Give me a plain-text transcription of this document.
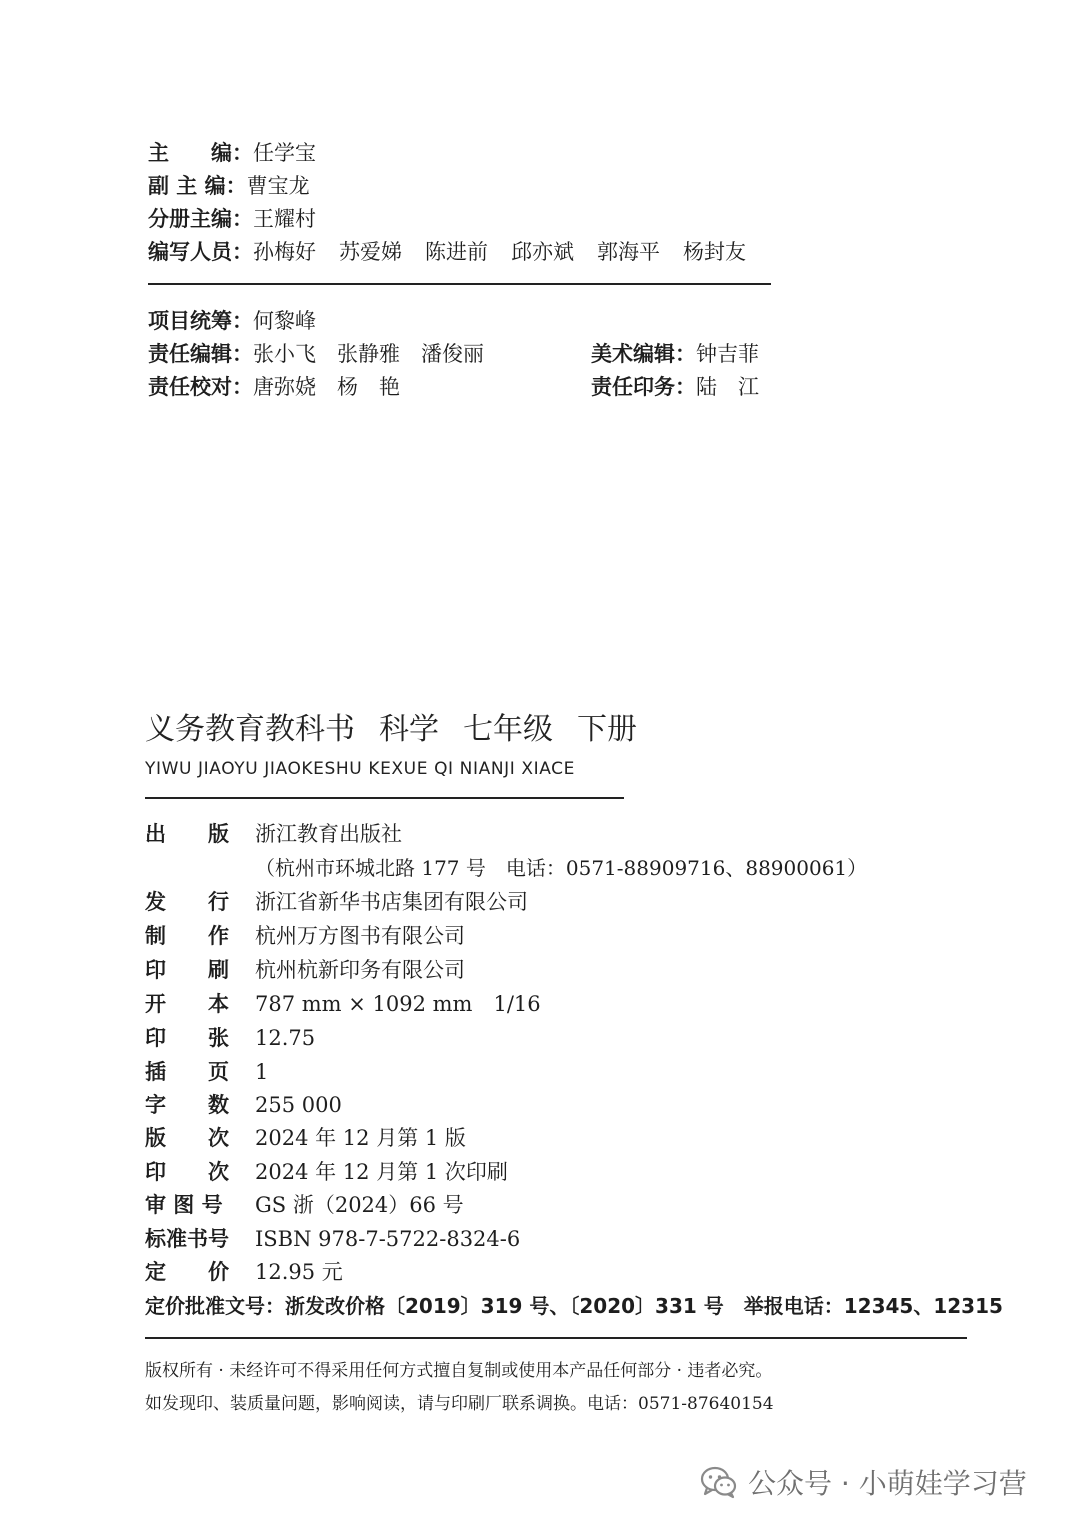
主　　编：任学宝
副 主 编：曹宝龙
分册主编：王耀村
编写人员：孙梅好 苏爱娣 陈进前 邱亦斌 郭海平 杨封友
项目统筹：何黎峰
责任编辑：张小飞　张静雅　潘俊丽	美术编辑：钟吉菲
责任校对：唐弥娆　杨　艳	责任印务：陆　江
义务教育教科书 科学 七年级 下册
YIWU JIAOYU JIAOKESHU KEXUE QI NIANJI XIACE
出　　版 浙江教育出版社
（杭州市环城北路 177 号　电话：0571-88909716、88900061）
发　　行 浙江省新华书店集团有限公司
制　　作 杭州万方图书有限公司
印　　刷 杭州杭新印务有限公司
开　　本 787 mm × 1092 mm　1/16
印　　张 12.75
插　　页 1
字　　数 255 000
版　　次 2024 年 12 月第 1 版
印　　次 2024 年 12 月第 1 次印刷
审 图 号 GS 浙（2024）66 号
标准书号 ISBN 978-7-5722-8324-6
定　　价 12.95 元
定价批准文号：浙发改价格〔2019〕319 号、〔2020〕331 号　举报电话：12345、12315
版权所有 · 未经许可不得采用任何方式擅自复制或使用本产品任何部分 · 违者必究。
如发现印、装质量问题，影响阅读，请与印刷厂联系调换。电话：0571-87640154
公众号 · 小萌娃学习营
